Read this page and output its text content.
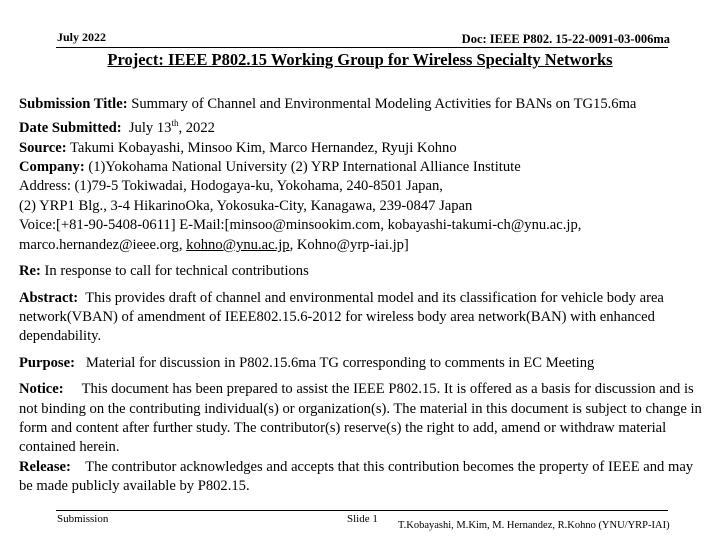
July 2022	Doc: IEEE P802. 15-22-0091-03-006ma
Project: IEEE P802.15 Working Group for Wireless Specialty Networks

Submission Title: Summary of Channel and Environmental Modeling Activities for BANs on TG15.6ma

Date Submitted: July 13th, 2022

Source: Takumi Kobayashi, Minsoo Kim, Marco Hernandez, Ryuji Kohno

Company: (1)Yokohama National University (2) YRP International Alliance Institute

Address: (1)79-5 Tokiwadai, Hodogaya-ku, Yokohama, 240-8501 Japan,

(2) YRP1 Blg., 3-4 HikarinoOka, Yokosuka-City, Kanagawa, 239-0847 Japan

Voice:[+81-90-5408-0611] E-Mail:[minsoo@minsookim.com, kobayashi-takumi-ch@ynu.ac.jp,

marco.hernandez@ieee.org, kohno@ynu.ac.jp, Kohno@yrp-iai.jp]

Re: In response to call for technical contributions

Abstract: This provides draft of channel and environmental model and its classification for vehicle body area network(VBAN) of amendment of IEEE802.15.6-2012 for wireless body area network(BAN) with enhanced dependability.

Purpose: Material for discussion in P802.15.6ma TG corresponding to comments in EC Meeting

Notice: This document has been prepared to assist the IEEE P802.15. It is offered as a basis for discussion and is not binding on the contributing individual(s) or organization(s). The material in this document is subject to change in form and content after further study. The contributor(s) reserve(s) the right to add, amend or withdraw material contained herein.

Release: The contributor acknowledges and accepts that this contribution becomes the property of IEEE and may be made publicly available by P802.15.

Submission	Slide 1
T.Kobayashi, M.Kim, M. Hernandez, R.Kohno (YNU/YRP-IAI)
